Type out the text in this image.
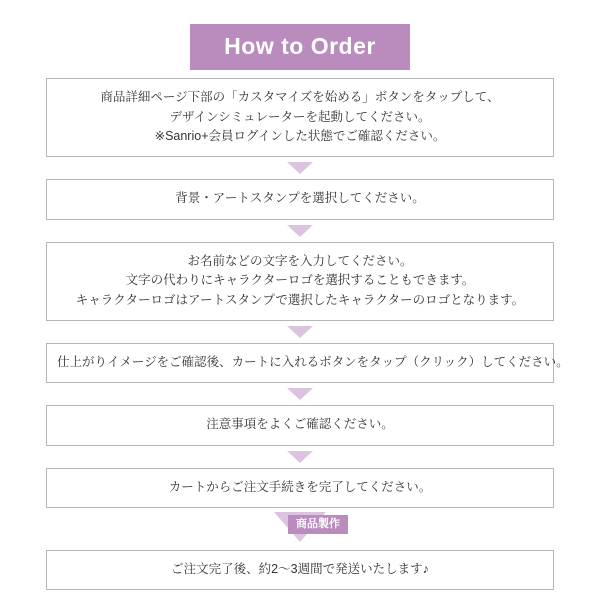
How to Order

商品詳細ページ下部の「カスタマイズを始める」ボタンをタップして、

デザインシミュレーターを起動してください。

※Sanrio+会員ログインした状態でご確認ください。

背景・アートスタンプを選択してください。

お名前などの文字を入力してください。

文字の代わりにキャラクターロゴを選択することもできます。

キャラクターロゴはアートスタンプで選択したキャラクターのロゴとなります。

仕上がりイメージをご確認後、カートに入れるボタンをタップ（クリック）してください。

注意事項をよくご確認ください。

カートからご注文手続きを完了してください。

商品製作

ご注文完了後、約2〜3週間で発送いたします♪
